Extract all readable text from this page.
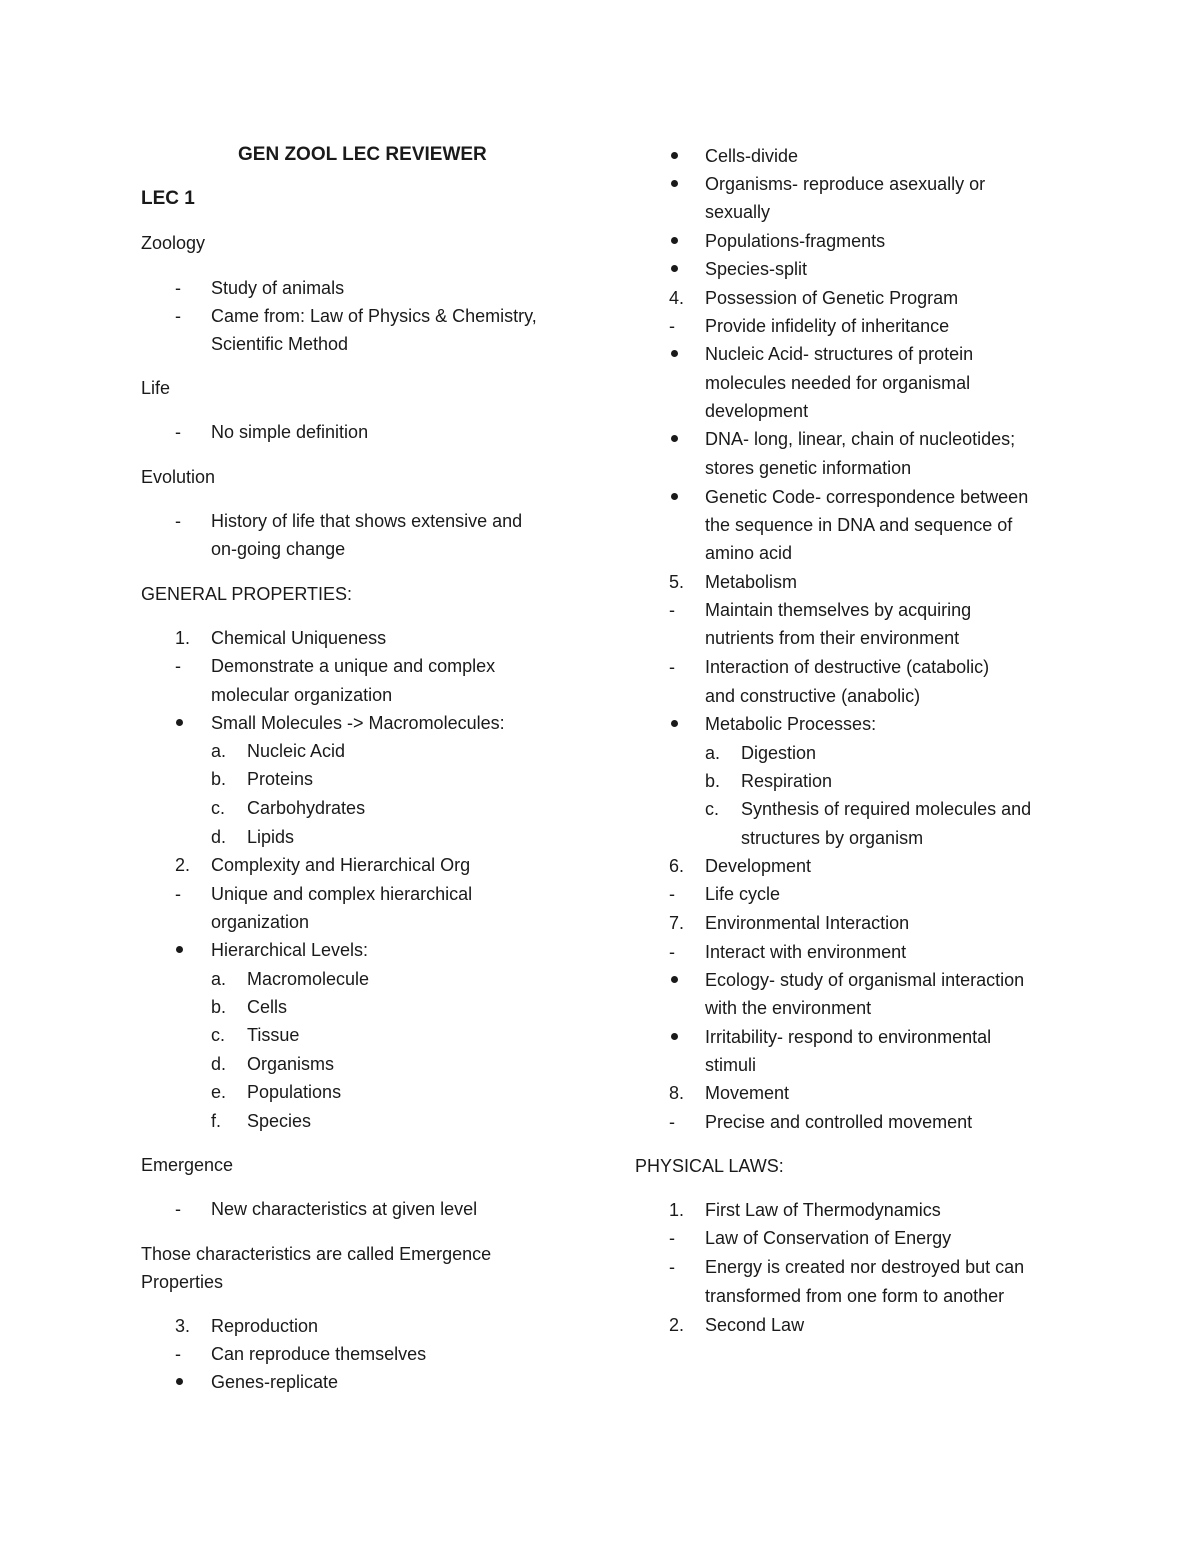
GEN ZOOL LEC REVIEWER
LEC 1
Zoology
- Study of animals
- Came from: Law of Physics & Chemistry,
Scientific Method
Life
- No simple definition
Evolution
- History of life that shows extensive and
on-going change
GENERAL PROPERTIES:
1. Chemical Uniqueness
- Demonstrate a unique and complex
molecular organization
Small Molecules -> Macromolecules:
a. Nucleic Acid
b. Proteins
c. Carbohydrates
d. Lipids
2. Complexity and Hierarchical Org
- Unique and complex hierarchical
organization
Hierarchical Levels:
a. Macromolecule
b. Cells
c. Tissue
d. Organisms
e. Populations
f. Species
Emergence
- New characteristics at given level
Those characteristics are called Emergence
Properties
3. Reproduction
- Can reproduce themselves
Genes-replicate
Cells-divide
Organisms- reproduce asexually or
sexually
Populations-fragments
Species-split
4. Possession of Genetic Program
- Provide infidelity of inheritance
Nucleic Acid- structures of protein
molecules needed for organismal
development
DNA- long, linear, chain of nucleotides;
stores genetic information
Genetic Code- correspondence between
the sequence in DNA and sequence of
amino acid
5. Metabolism
- Maintain themselves by acquiring
nutrients from their environment
- Interaction of destructive (catabolic)
and constructive (anabolic)
Metabolic Processes:
a. Digestion
b. Respiration
c. Synthesis of required molecules and
structures by organism
6. Development
- Life cycle
7. Environmental Interaction
- Interact with environment
Ecology- study of organismal interaction
with the environment
Irritability- respond to environmental
stimuli
8. Movement
- Precise and controlled movement
PHYSICAL LAWS:
1. First Law of Thermodynamics
- Law of Conservation of Energy
- Energy is created nor destroyed but can
transformed from one form to another
2. Second Law
